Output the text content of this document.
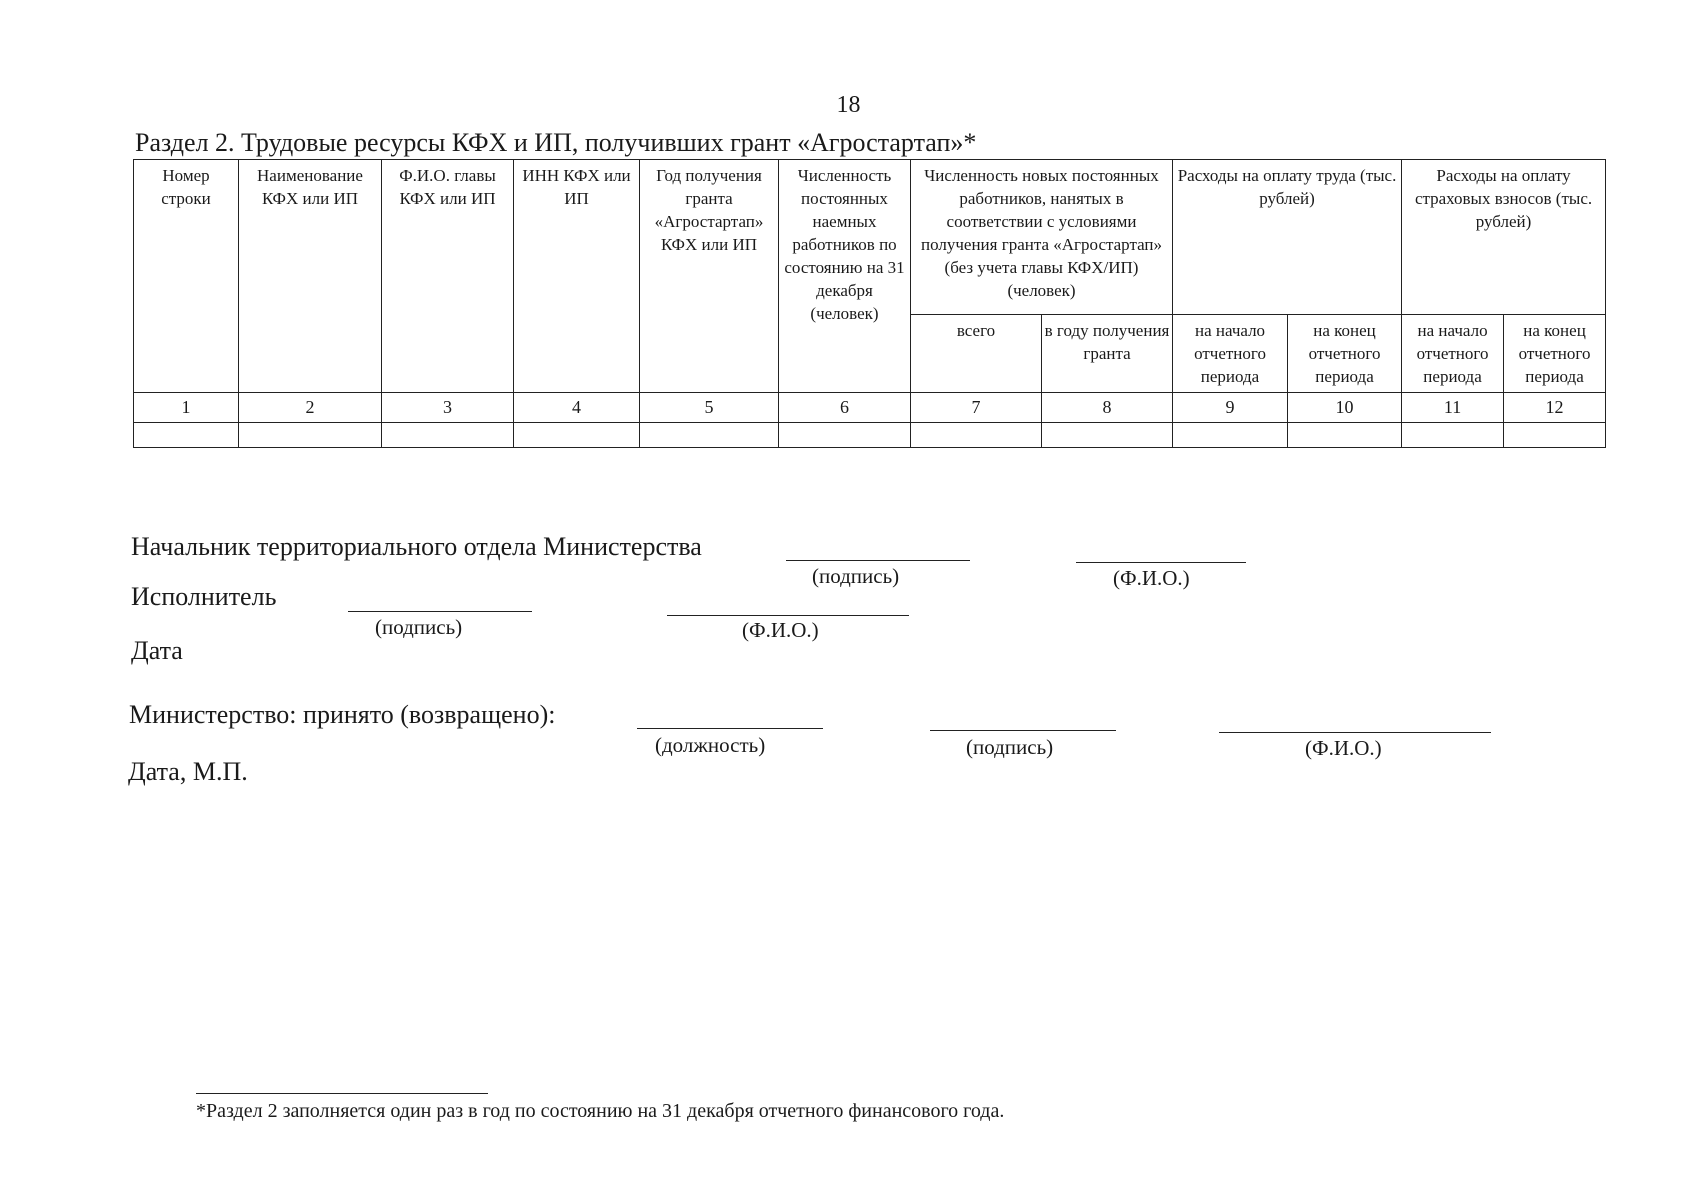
18
Раздел 2. Трудовые ресурсы КФХ и ИП, получивших грант «Агростартап»*
Номер строки	Наименование КФХ или ИП	Ф.И.О. главы КФХ или ИП	ИНН КФХ или ИП	Год получения гранта «Агростартап» КФХ или ИП	Численность постоянных наемных работников по состоянию на 31 декабря (человек)	Численность новых постоянных работников, нанятых в соответствии с условиями получения гранта «Агростартап» (без учета главы КФХ/ИП) (человек)		Расходы на оплату труда (тыс. рублей)		Расходы на оплату страховых взносов (тыс. рублей)	
						всего	в году получения гранта	на начало отчетного периода	на конец отчетного периода	на начало отчетного периода	на конец отчетного периода
1	2	3	4	5	6	7	8	9	10	11	12

Начальник территориального отдела Министерства
(подпись)	(Ф.И.О.)
Исполнитель
(подпись)	(Ф.И.О.)
Дата
Министерство: принято (возвращено):
(должность)	(подпись)	(Ф.И.О.)
Дата, М.П.
*Раздел 2 заполняется один раз в год по состоянию на 31 декабря отчетного финансового года.
